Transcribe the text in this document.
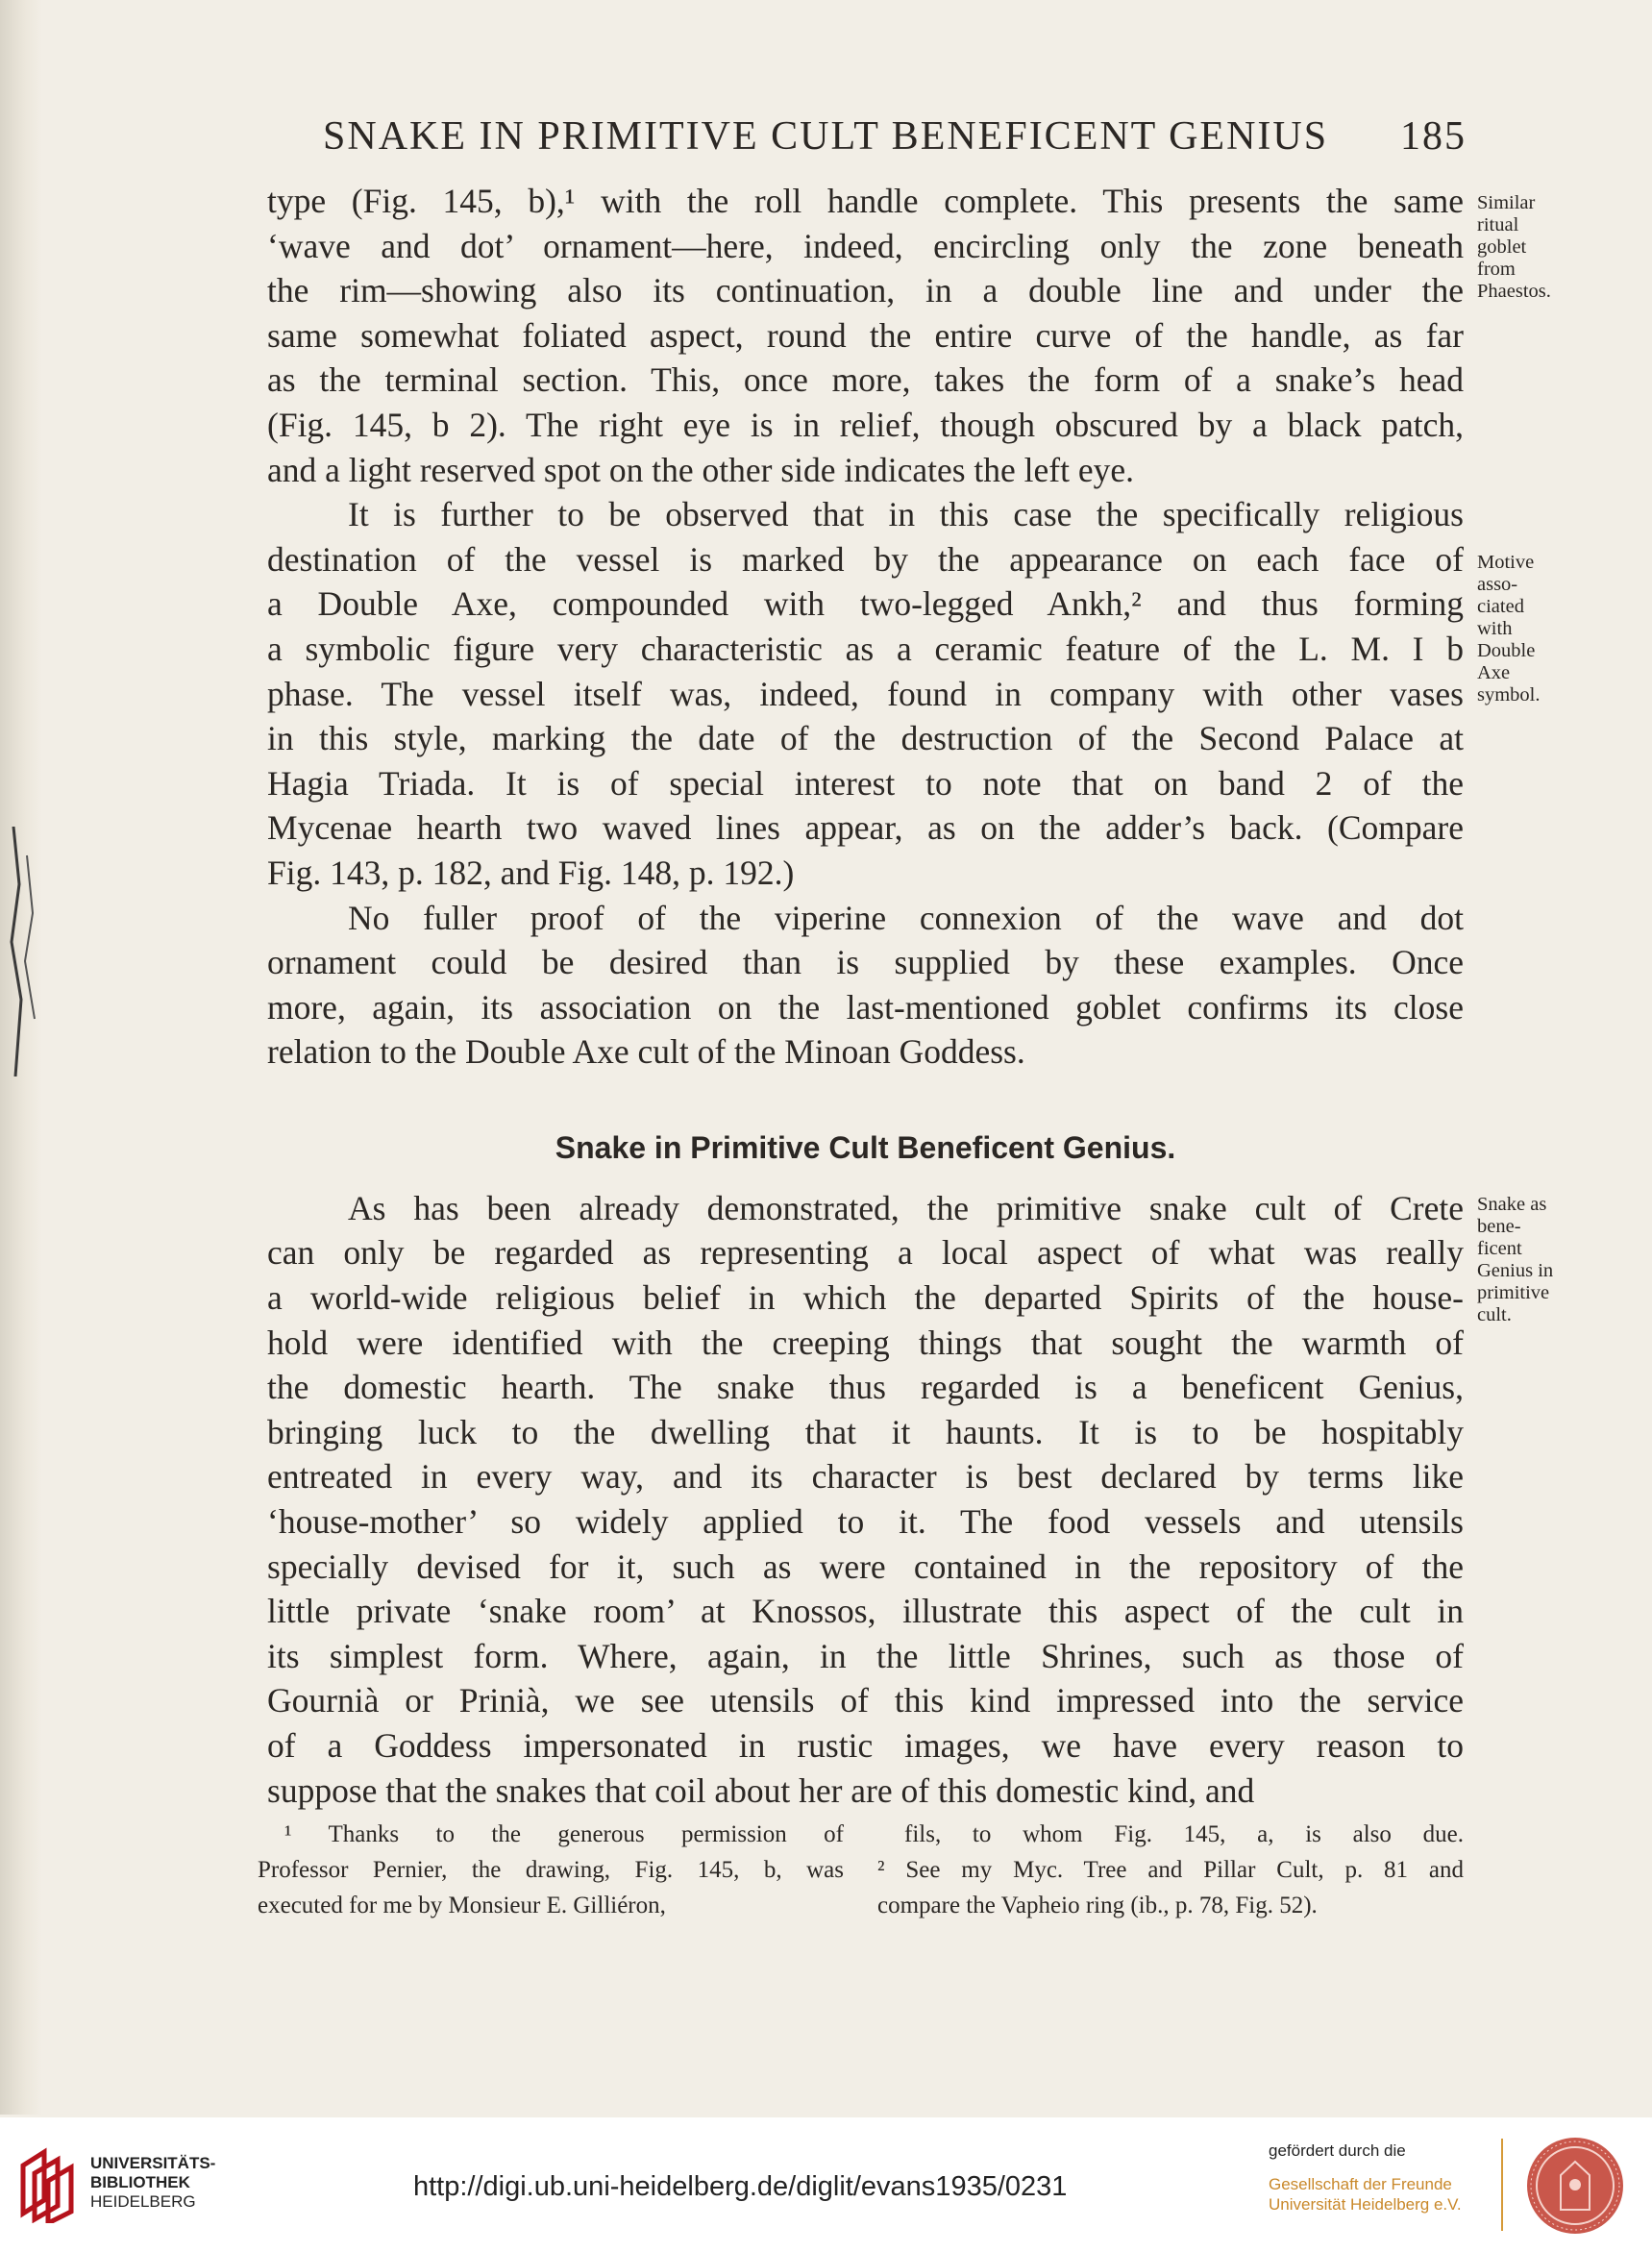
SNAKE IN PRIMITIVE CULT BENEFICENT GENIUS 185
type (Fig. 145, b),¹ with the roll handle complete. This presents the same
‘wave and dot’ ornament—here, indeed, encircling only the zone beneath
the rim—showing also its continuation, in a double line and under the
same somewhat foliated aspect, round the entire curve of the handle, as far
as the terminal section. This, once more, takes the form of a snake’s head
(Fig. 145, b 2). The right eye is in relief, though obscured by a black patch,
and a light reserved spot on the other side indicates the left eye.
It is further to be observed that in this case the specifically religious
destination of the vessel is marked by the appearance on each face of
a Double Axe, compounded with two-legged Ankh,² and thus forming
a symbolic figure very characteristic as a ceramic feature of the L. M. I b
phase. The vessel itself was, indeed, found in company with other vases
in this style, marking the date of the destruction of the Second Palace at
Hagia Triada. It is of special interest to note that on band 2 of the
Mycenae hearth two waved lines appear, as on the adder’s back. (Compare
Fig. 143, p. 182, and Fig. 148, p. 192.)
No fuller proof of the viperine connexion of the wave and dot
ornament could be desired than is supplied by these examples. Once
more, again, its association on the last-mentioned goblet confirms its close
relation to the Double Axe cult of the Minoan Goddess.
Snake in Primitive Cult Beneficent Genius.
As has been already demonstrated, the primitive snake cult of Crete
can only be regarded as representing a local aspect of what was really
a world-wide religious belief in which the departed Spirits of the house-
hold were identified with the creeping things that sought the warmth of
the domestic hearth. The snake thus regarded is a beneficent Genius,
bringing luck to the dwelling that it haunts. It is to be hospitably
entreated in every way, and its character is best declared by terms like
‘house-mother’ so widely applied to it. The food vessels and utensils
specially devised for it, such as were contained in the repository of the
little private ‘snake room’ at Knossos, illustrate this aspect of the cult in
its simplest form. Where, again, in the little Shrines, such as those of
Gournià or Prinià, we see utensils of this kind impressed into the service
of a Goddess impersonated in rustic images, we have every reason to
suppose that the snakes that coil about her are of this domestic kind, and
Similar
ritual
goblet
from
Phaestos.
Motive
asso-
ciated
with
Double
Axe
symbol.
Snake as
bene-
ficent
Genius in
primitive
cult.
¹ Thanks to the generous permission of
Professor Pernier, the drawing, Fig. 145, b, was
executed for me by Monsieur E. Gilliéron,
fils, to whom Fig. 145, a, is also due.
² See my Myc. Tree and Pillar Cult, p. 81 and
compare the Vapheio ring (ib., p. 78, Fig. 52).
UNIVERSITÄTS-
BIBLIOTHEK
HEIDELBERG	http://digi.ub.uni-heidelberg.de/diglit/evans1935/0231
gefördert durch die
Gesellschaft der Freunde
Universität Heidelberg e.V.
